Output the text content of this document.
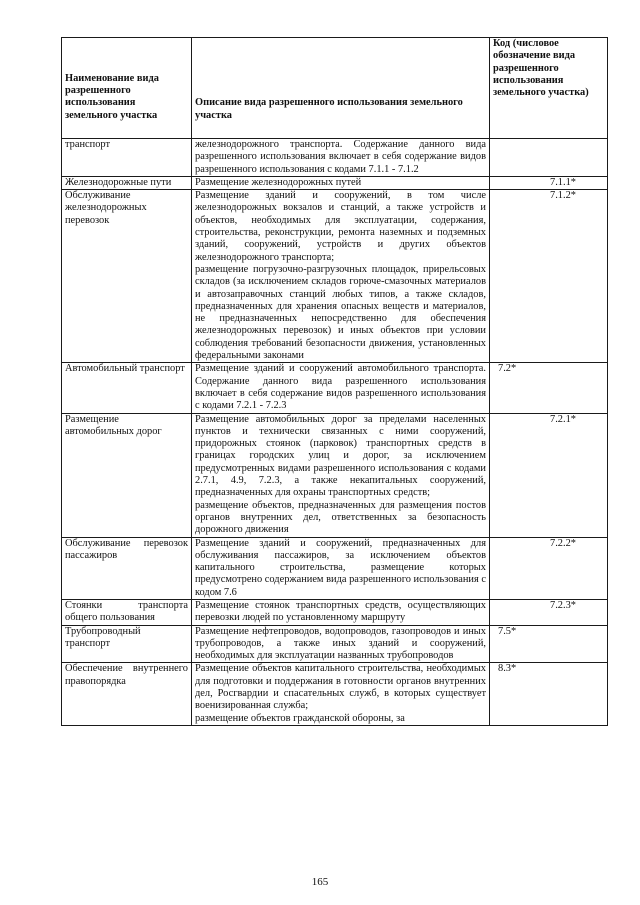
Наименование вида разрешенного использования земельного участка	Описание вида разрешенного использования земельного участка	Код (числовое обозначение вида разрешенного использования земельного участка)
транспорт	железнодорожного транспорта. Содержание данного вида разрешенного использования включает в себя содержание видов разрешенного использования с кодами 7.1.1 - 7.1.2	

Железнодорожные пути	Размещение железнодорожных путей	7.1.1*
Обслуживание железнодорожных перевозок	Размещение зданий и сооружений, в том числе железнодорожных вокзалов и станций, а также устройств и объектов, необходимых для эксплуатации, содержания, строительства, реконструкции, ремонта наземных и подземных зданий, сооружений, устройств и других объектов железнодорожного транспорта;
размещение погрузочно-разгрузочных площадок, прирельсовых складов (за исключением складов горюче-смазочных материалов и автозаправочных станций любых типов, а также складов, предназначенных для хранения опасных веществ и материалов, не предназначенных непосредственно для обеспечения железнодорожных перевозок) и иных объектов при условии соблюдения требований безопасности движения, установленных федеральными законами	7.1.2*
Автомобильный транспорт	Размещение зданий и сооружений автомобильного транспорта. Содержание данного вида разрешенного использования включает в себя содержание видов разрешенного использования с кодами 7.2.1 - 7.2.3	7.2*
Размещение автомобильных дорог	Размещение автомобильных дорог за пределами населенных пунктов и технически связанных с ними сооружений, придорожных стоянок (парковок) транспортных средств в границах городских улиц и дорог, за исключением предусмотренных видами разрешенного использования с кодами 2.7.1, 4.9, 7.2.3, а также некапитальных сооружений, предназначенных для охраны транспортных средств;
размещение объектов, предназначенных для размещения постов органов внутренних дел, ответственных за безопасность дорожного движения	7.2.1*
Обслуживание перевозок пассажиров	Размещение зданий и сооружений, предназначенных для обслуживания пассажиров, за исключением объектов капитального строительства, размещение которых предусмотрено содержанием вида разрешенного использования с кодом 7.6	7.2.2*
Стоянки транспорта общего пользования	Размещение стоянок транспортных средств, осуществляющих перевозки людей по установленному маршруту	7.2.3*
Трубопроводный транспорт	Размещение нефтепроводов, водопроводов, газопроводов и иных трубопроводов, а также иных зданий и сооружений, необходимых для эксплуатации названных трубопроводов	7.5*
Обеспечение внутреннего правопорядка	Размещение объектов капитального строительства, необходимых для подготовки и поддержания в готовности органов внутренних дел, Росгвардии и спасательных служб, в которых существует военизированная служба;
размещение объектов гражданской обороны, за	8.3*
165
